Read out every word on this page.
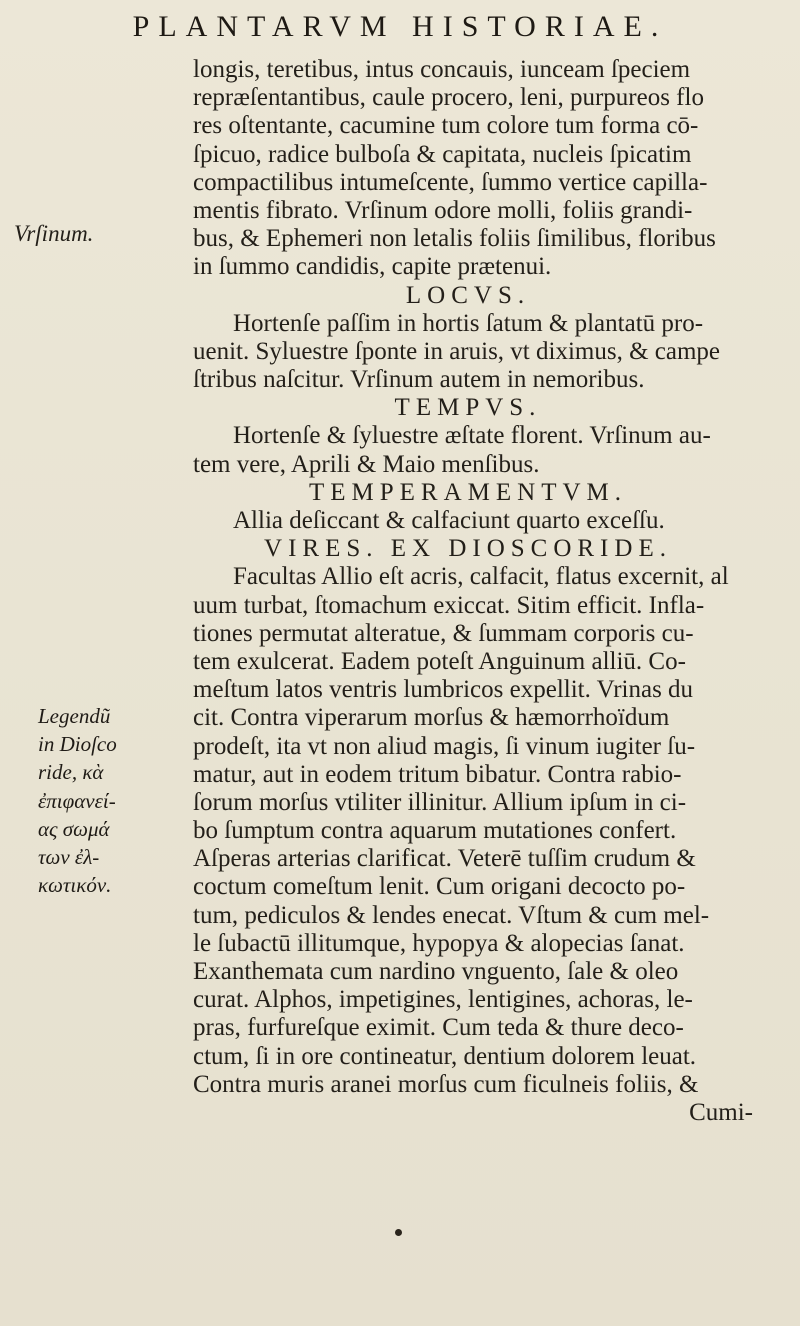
PLANTARVM HISTORIAE.
Vrſinum.
Legendũ
in Dioſco
ride, κὰ
ἐπιφανεί-
ας σωμά
των ἐλ-
κωτικόν.
longis, teretibus, intus concauis, iunceam ſpeciem
repræſentantibus, caule procero, leni, purpureos flo
res oſtentante, cacumine tum colore tum forma cō-
ſpicuo, radice bulboſa & capitata, nucleis ſpicatim
compactilibus intumeſcente, ſummo vertice capilla-
mentis fibrato. Vrſinum odore molli, foliis grandi-
bus, & Ephemeri non letalis foliis ſimilibus, floribus
in ſummo candidis, capite prætenui.
LOCVS.
Hortenſe paſſim in hortis ſatum & plantatū pro-
uenit. Syluestre ſponte in aruis, vt diximus, & campe
ſtribus naſcitur. Vrſinum autem in nemoribus.
TEMPVS.
Hortenſe & ſyluestre æſtate florent. Vrſinum au-
tem vere, Aprili & Maio menſibus.
TEMPERAMENTVM.
Allia deſiccant & calfaciunt quarto exceſſu.
VIRES. EX DIOSCORIDE.
Facultas Allio eſt acris, calfacit, flatus excernit, al
uum turbat, ſtomachum exiccat. Sitim efficit. Infla-
tiones permutat alteratue, & ſummam corporis cu-
tem exulcerat. Eadem poteſt Anguinum alliū. Co-
meſtum latos ventris lumbricos expellit. Vrinas du
cit. Contra viperarum morſus & hæmorrhoïdum
prodeſt, ita vt non aliud magis, ſi vinum iugiter ſu-
matur, aut in eodem tritum bibatur. Contra rabio-
ſorum morſus vtiliter illinitur. Allium ipſum in ci-
bo ſumptum contra aquarum mutationes confert.
Aſperas arterias clarificat. Veterē tuſſim crudum &
coctum comeſtum lenit. Cum origani decocto po-
tum, pediculos & lendes enecat. Vſtum & cum mel-
le ſubactū illitumque, hypopya & alopecias ſanat.
Exanthemata cum nardino vnguento, ſale & oleo
curat. Alphos, impetigines, lentigines, achoras, le-
pras, furfureſque eximit. Cum teda & thure deco-
ctum, ſi in ore contineatur, dentium dolorem leuat.
Contra muris aranei morſus cum ficulneis foliis, &
Cumi-
